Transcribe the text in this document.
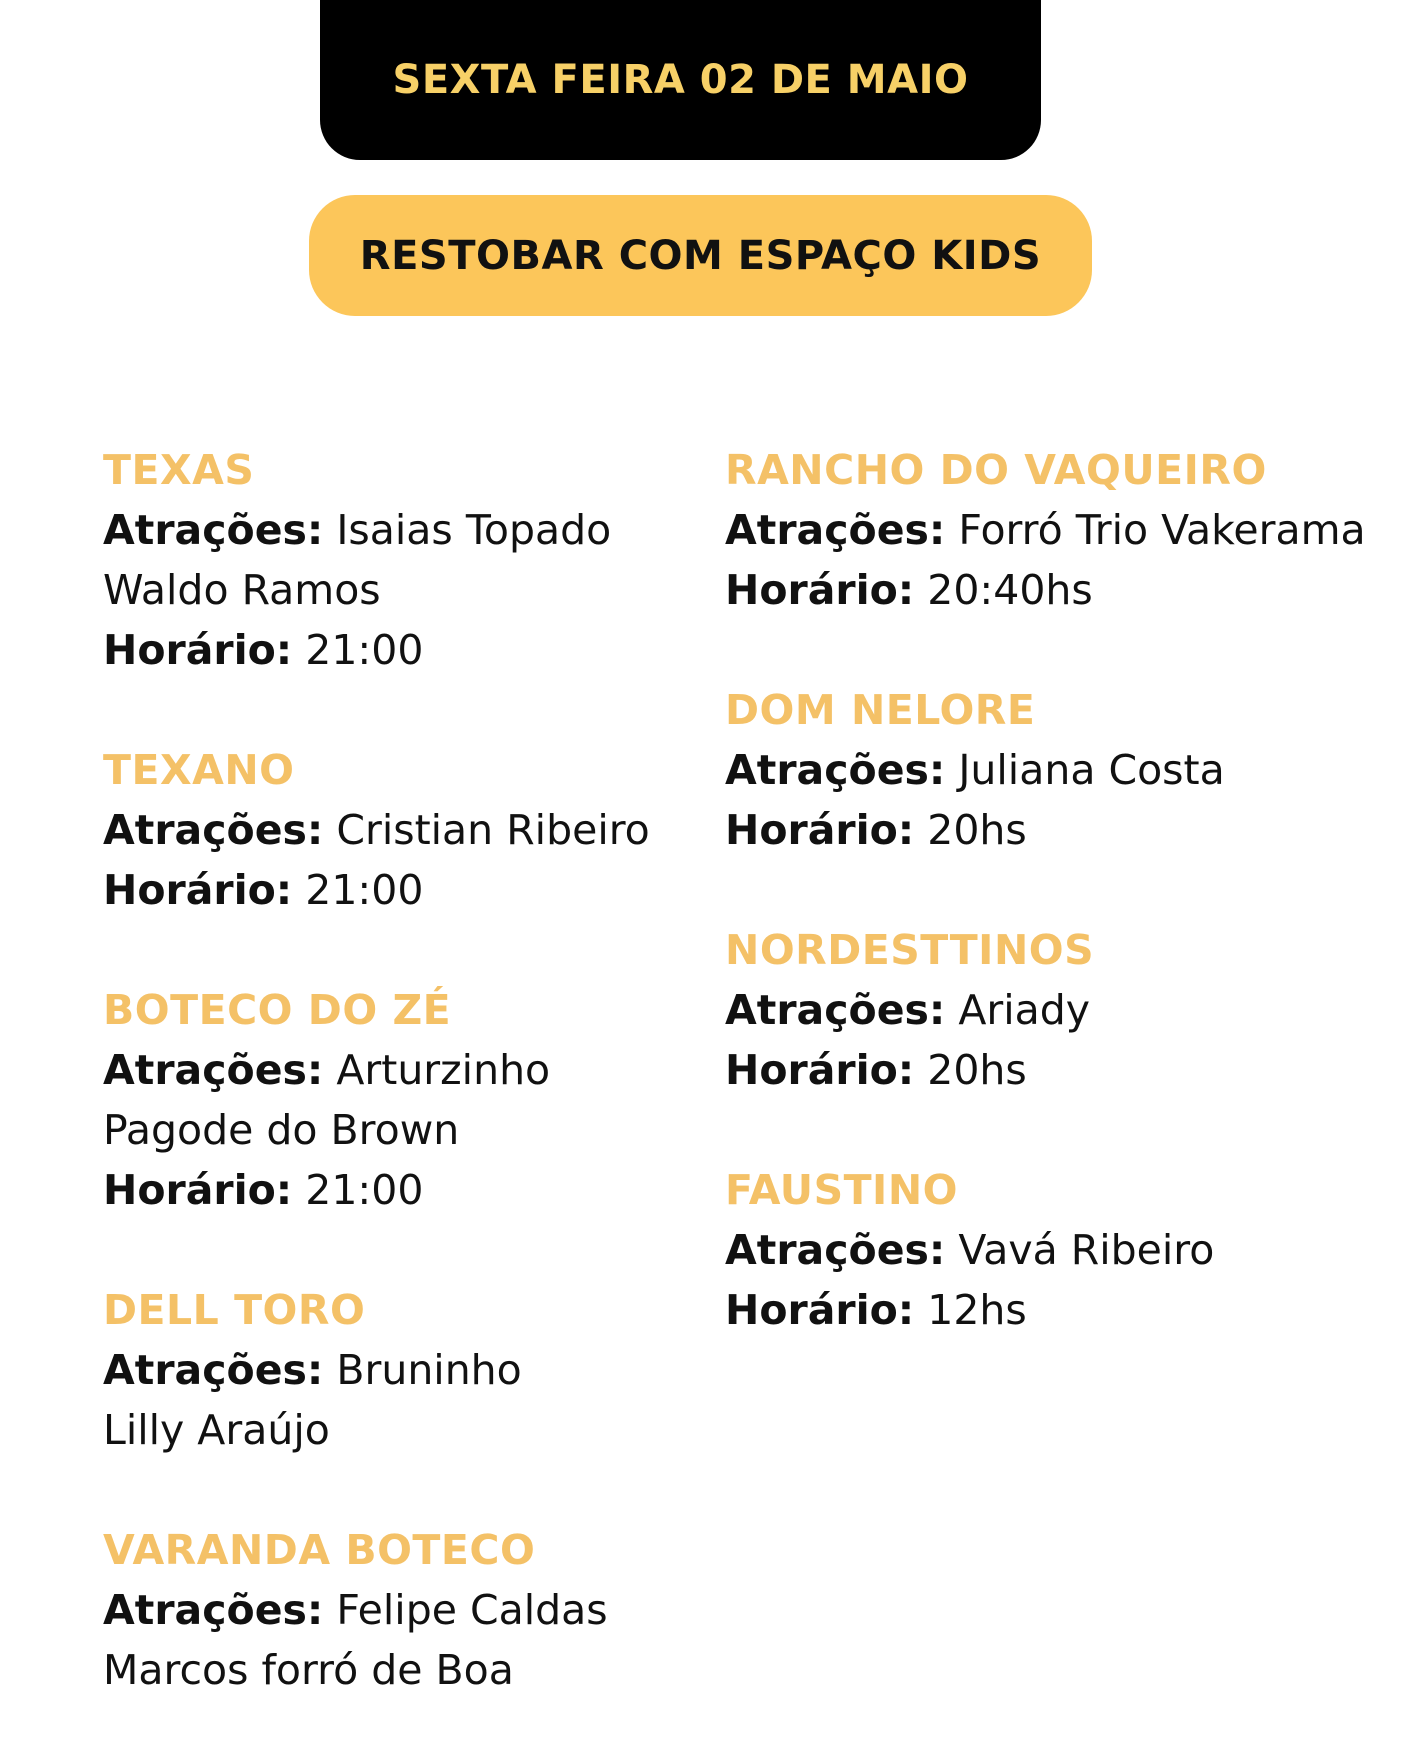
SEXTA FEIRA 02 DE MAIO
RESTOBAR COM ESPAÇO KIDS
TEXAS
Atrações: Isaias Topado
Waldo Ramos
Horário: 21:00
TEXANO
Atrações: Cristian Ribeiro
Horário: 21:00
BOTECO DO ZÉ
Atrações: Arturzinho
Pagode do Brown
Horário: 21:00
DELL TORO
Atrações: Bruninho
Lilly Araújo
VARANDA BOTECO
Atrações: Felipe Caldas
Marcos forró de Boa
RANCHO DO VAQUEIRO
Atrações: Forró Trio Vakerama
Horário: 20:40hs
DOM NELORE
Atrações: Juliana Costa
Horário: 20hs
NORDESTTINOS
Atrações: Ariady
Horário: 20hs
FAUSTINO
Atrações: Vavá Ribeiro
Horário: 12hs
